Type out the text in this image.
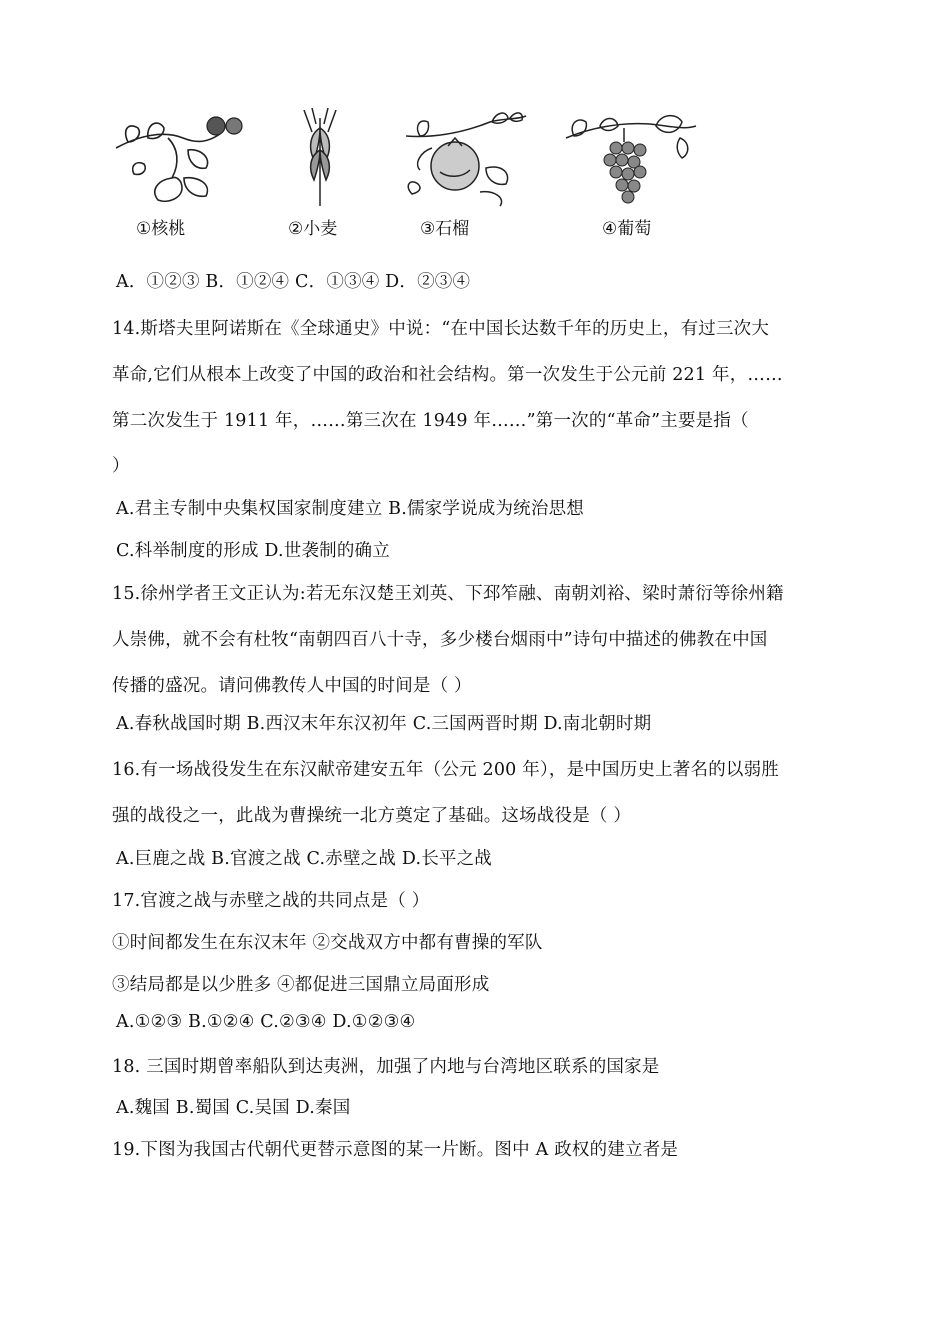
①核桃	②小麦	③石榴	④葡萄
A．①②③ B．①②④ C．①③④ D．②③④
14.斯塔夫里阿诺斯在《全球通史》中说：“在中国长达数千年的历史上，有过三次大
革命,它们从根本上改变了中国的政治和社会结构。第一次发生于公元前 221 年，……
第二次发生于 1911 年，……第三次在 1949 年……”第一次的“革命”主要是指（
）
A.君主专制中央集权国家制度建立 B.儒家学说成为统治思想
C.科举制度的形成 D.世袭制的确立
15.徐州学者王文正认为:若无东汉楚王刘英、下邳笮融、南朝刘裕、梁时萧衍等徐州籍
人崇佛，就不会有杜牧“南朝四百八十寺，多少楼台烟雨中”诗句中描述的佛教在中国
传播的盛况。请问佛教传人中国的时间是（ ）
A.春秋战国时期 B.西汉末年东汉初年 C.三国两晋时期 D.南北朝时期
16.有一场战役发生在东汉献帝建安五年（公元 200 年），是中国历史上著名的以弱胜
强的战役之一，此战为曹操统一北方奠定了基础。这场战役是（ ）
A.巨鹿之战 B.官渡之战 C.赤壁之战 D.长平之战
17.官渡之战与赤壁之战的共同点是（ ）
①时间都发生在东汉末年 ②交战双方中都有曹操的军队
③结局都是以少胜多 ④都促进三国鼎立局面形成
A.①②③ B.①②④ C.②③④ D.①②③④
18. 三国时期曾率船队到达夷洲，加强了内地与台湾地区联系的国家是
A.魏国 B.蜀国 C.吴国 D.秦国
19.下图为我国古代朝代更替示意图的某一片断。图中 A 政权的建立者是
